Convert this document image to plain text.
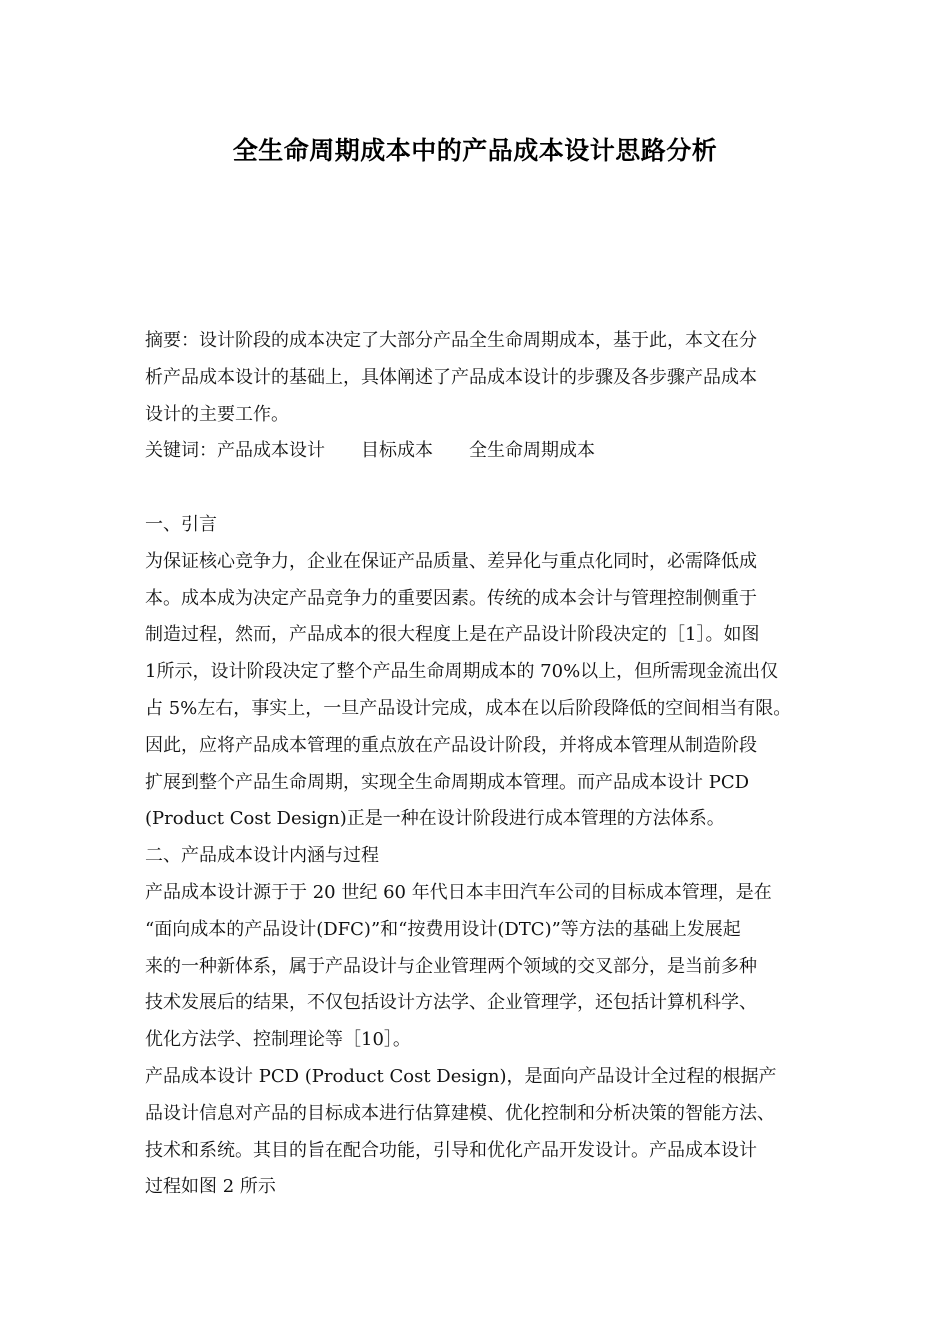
全生命周期成本中的产品成本设计思路分析
摘要：设计阶段的成本决定了大部分产品全生命周期成本，基于此，本文在分
析产品成本设计的基础上，具体阐述了产品成本设计的步骤及各步骤产品成本
设计的主要工作。
关键词：产品成本设计　　目标成本　　全生命周期成本
一、引言
为保证核心竞争力，企业在保证产品质量、差异化与重点化同时，必需降低成
本。成本成为决定产品竞争力的重要因素。传统的成本会计与管理控制侧重于
制造过程，然而，产品成本的很大程度上是在产品设计阶段决定的［1］。如图
1所示，设计阶段决定了整个产品生命周期成本的 70%以上，但所需现金流出仅
占 5%左右，事实上，一旦产品设计完成，成本在以后阶段降低的空间相当有限。
因此，应将产品成本管理的重点放在产品设计阶段，并将成本管理从制造阶段
扩展到整个产品生命周期，实现全生命周期成本管理。而产品成本设计 PCD
(Product Cost Design)正是一种在设计阶段进行成本管理的方法体系。
二、产品成本设计内涵与过程
产品成本设计源于于 20 世纪 60 年代日本丰田汽车公司的目标成本管理，是在
“面向成本的产品设计(DFC)”和“按费用设计(DTC)”等方法的基础上发展起
来的一种新体系，属于产品设计与企业管理两个领域的交叉部分，是当前多种
技术发展后的结果，不仅包括设计方法学、企业管理学，还包括计算机科学、
优化方法学、控制理论等［10］。
产品成本设计 PCD (Product Cost Design)，是面向产品设计全过程的根据产
品设计信息对产品的目标成本进行估算建模、优化控制和分析决策的智能方法、
技术和系统。其目的旨在配合功能，引导和优化产品开发设计。产品成本设计
过程如图 2 所示
